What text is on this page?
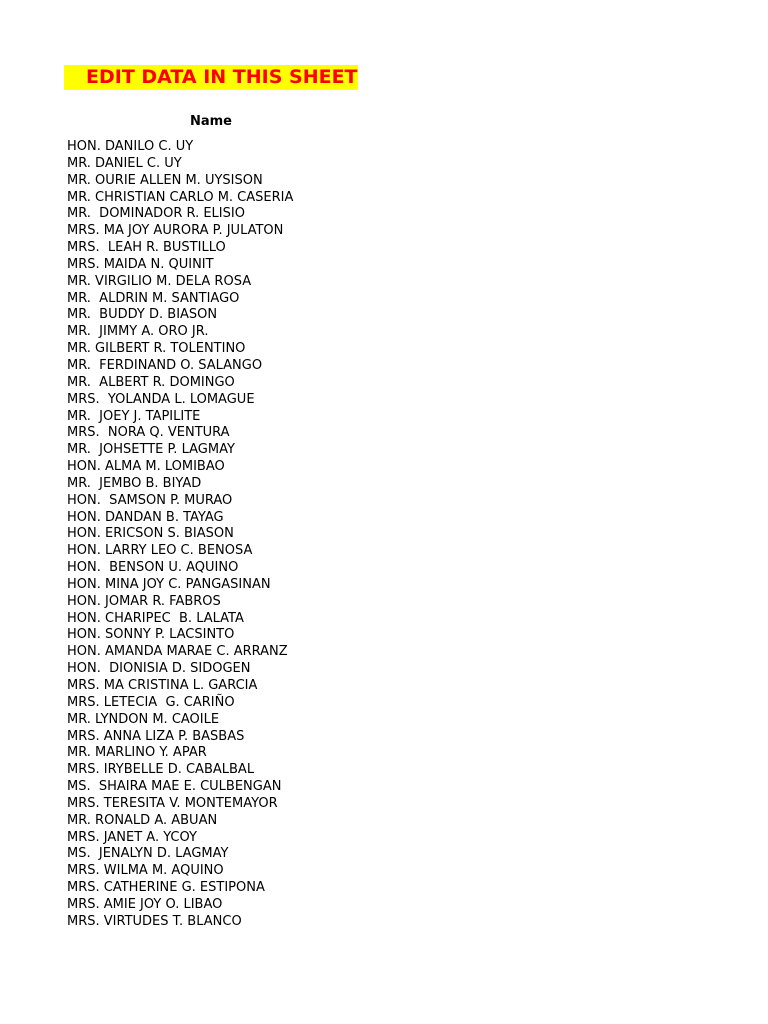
EDIT DATA IN THIS SHEET
Name
HON. DANILO C. UY
MR. DANIEL C. UY
MR. OURIE ALLEN M. UYSISON
MR. CHRISTIAN CARLO M. CASERIA
MR.  DOMINADOR R. ELISIO
MRS. MA JOY AURORA P. JULATON
MRS.  LEAH R. BUSTILLO
MRS. MAIDA N. QUINIT
MR. VIRGILIO M. DELA ROSA
MR.  ALDRIN M. SANTIAGO
MR.  BUDDY D. BIASON
MR.  JIMMY A. ORO JR.
MR. GILBERT R. TOLENTINO
MR.  FERDINAND O. SALANGO
MR.  ALBERT R. DOMINGO
MRS.  YOLANDA L. LOMAGUE
MR.  JOEY J. TAPILITE
MRS.  NORA Q. VENTURA
MR.  JOHSETTE P. LAGMAY
HON. ALMA M. LOMIBAO
MR.  JEMBO B. BIYAD
HON.  SAMSON P. MURAO
HON. DANDAN B. TAYAG
HON. ERICSON S. BIASON
HON. LARRY LEO C. BENOSA
HON.  BENSON U. AQUINO
HON. MINA JOY C. PANGASINAN
HON. JOMAR R. FABROS
HON. CHARIPEC  B. LALATA
HON. SONNY P. LACSINTO
HON. AMANDA MARAE C. ARRANZ
HON.  DIONISIA D. SIDOGEN
MRS. MA CRISTINA L. GARCIA
MRS. LETECIA  G. CARIÑO
MR. LYNDON M. CAOILE
MRS. ANNA LIZA P. BASBAS
MR. MARLINO Y. APAR
MRS. IRYBELLE D. CABALBAL
MS.  SHAIRA MAE E. CULBENGAN
MRS. TERESITA V. MONTEMAYOR
MR. RONALD A. ABUAN
MRS. JANET A. YCOY
MS.  JENALYN D. LAGMAY
MRS. WILMA M. AQUINO
MRS. CATHERINE G. ESTIPONA
MRS. AMIE JOY O. LIBAO
MRS. VIRTUDES T. BLANCO
